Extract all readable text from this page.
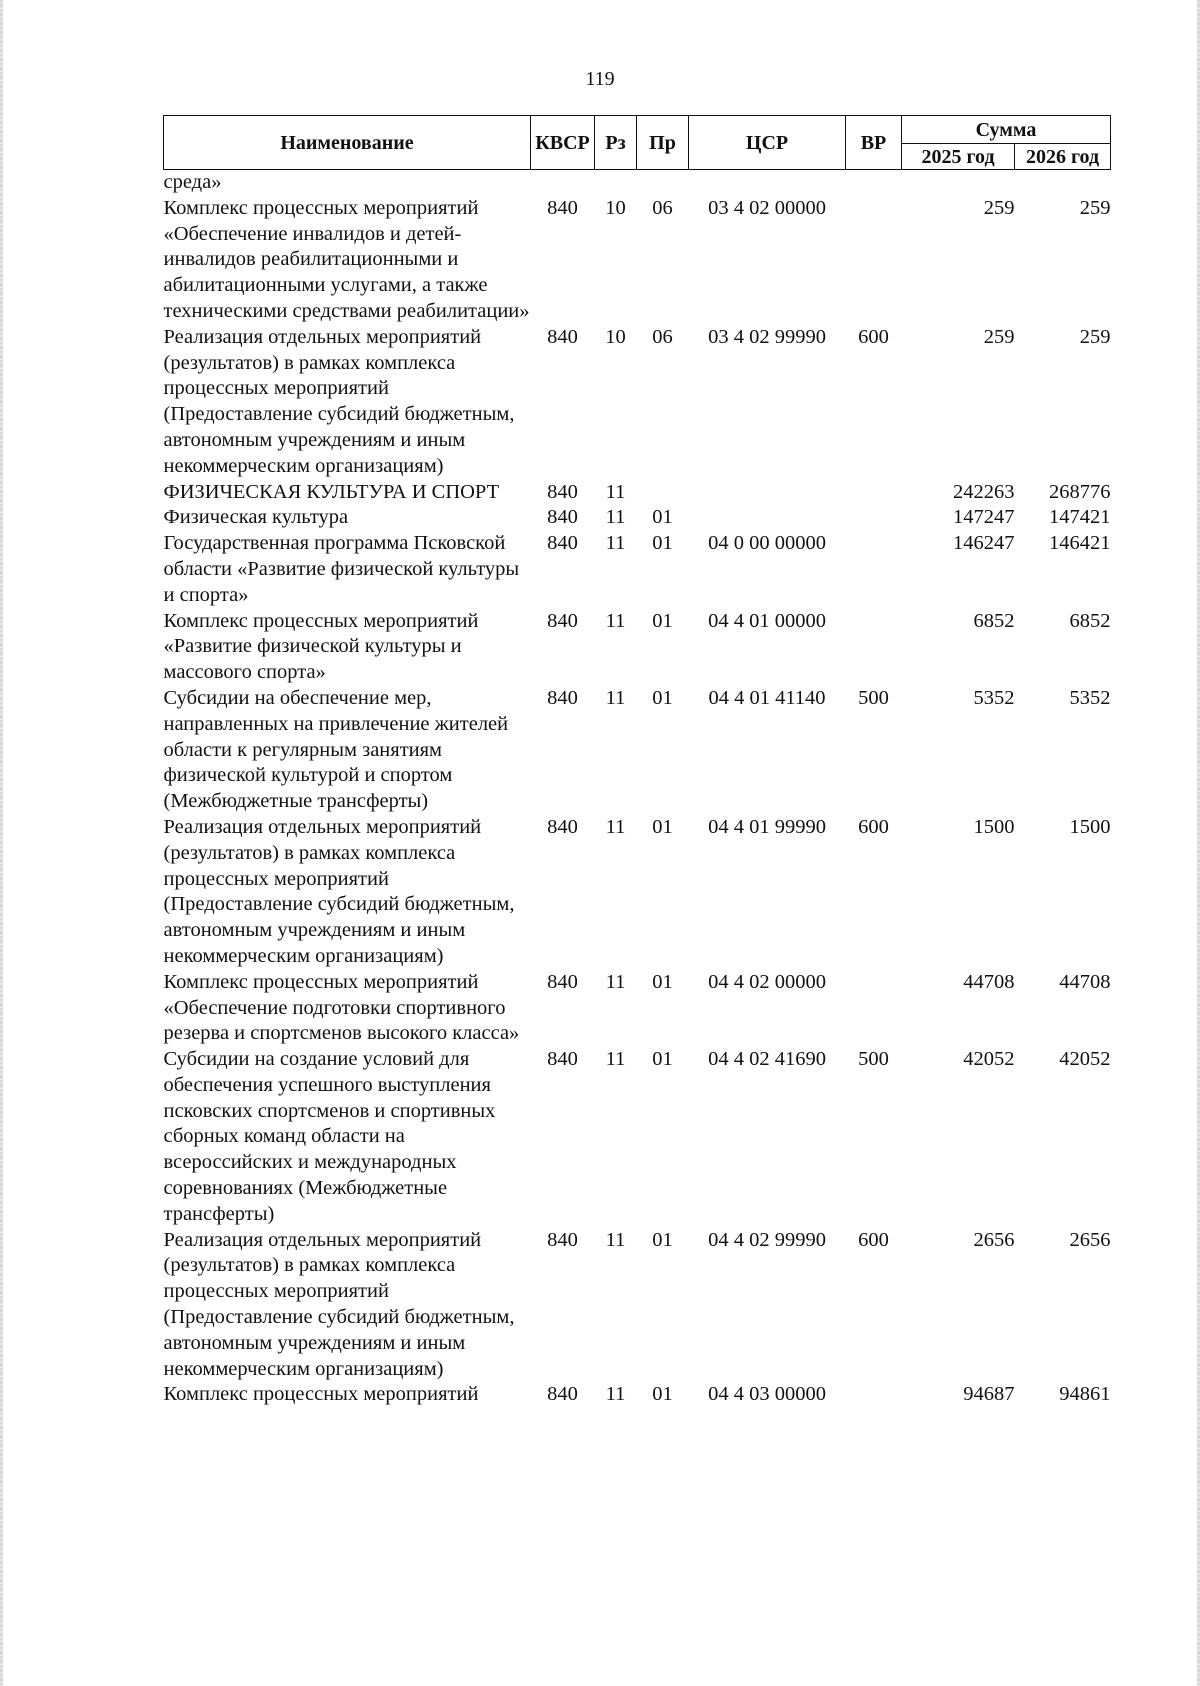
119
Наименование	КВСР	Рз	Пр	ЦСР	ВР	Сумма	
						2025 год	2026 год
среда»							
Комплекс процессных мероприятий «Обеспечение инвалидов и детей-инвалидов реабилитационными и абилитационными услугами, а также техническими средствами реабилитации»	840	10	06	03 4 02 00000		259	259
Реализация отдельных мероприятий (результатов) в рамках комплекса процессных мероприятий (Предоставление субсидий бюджетным, автономным учреждениям и иным некоммерческим организациям)	840	10	06	03 4 02 99990	600	259	259
ФИЗИЧЕСКАЯ КУЛЬТУРА И СПОРТ	840	11				242263	268776
Физическая культура	840	11	01			147247	147421
Государственная программа Псковской области «Развитие физической культуры и спорта»	840	11	01	04 0 00 00000		146247	146421
Комплекс процессных мероприятий «Развитие физической культуры и массового спорта»	840	11	01	04 4 01 00000		6852	6852
Субсидии на обеспечение мер, направленных на привлечение жителей области к регулярным занятиям физической культурой и спортом (Межбюджетные трансферты)	840	11	01	04 4 01 41140	500	5352	5352
Реализация отдельных мероприятий (результатов) в рамках комплекса процессных мероприятий (Предоставление субсидий бюджетным, автономным учреждениям и иным некоммерческим организациям)	840	11	01	04 4 01 99990	600	1500	1500
Комплекс процессных мероприятий «Обеспечение подготовки спортивного резерва и спортсменов высокого класса»	840	11	01	04 4 02 00000		44708	44708
Субсидии на создание условий для обеспечения успешного выступления псковских спортсменов и спортивных сборных команд области на всероссийских и международных соревнованиях (Межбюджетные трансферты)	840	11	01	04 4 02 41690	500	42052	42052
Реализация отдельных мероприятий (результатов) в рамках комплекса процессных мероприятий (Предоставление субсидий бюджетным, автономным учреждениям и иным некоммерческим организациям)	840	11	01	04 4 02 99990	600	2656	2656
Комплекс процессных мероприятий	840	11	01	04 4 03 00000		94687	94861
